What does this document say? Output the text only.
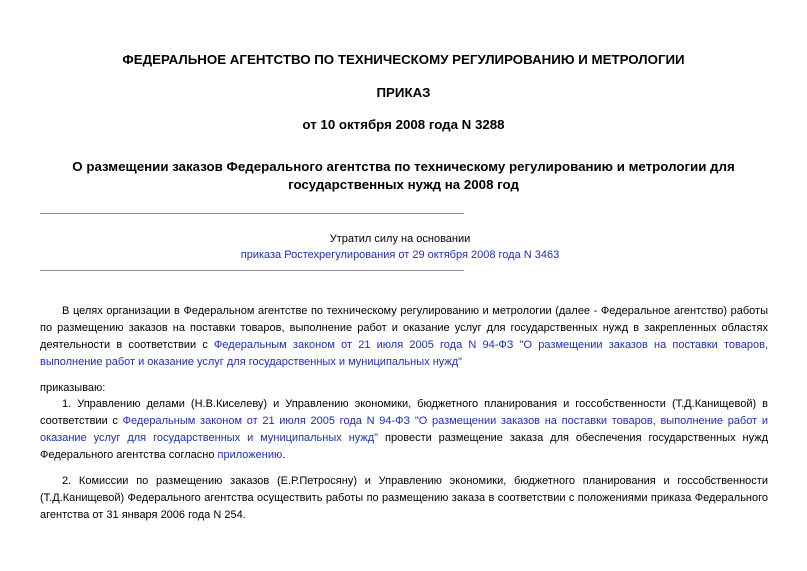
ФЕДЕРАЛЬНОЕ АГЕНТСТВО ПО ТЕХНИЧЕСКОМУ РЕГУЛИРОВАНИЮ И МЕТРОЛОГИИ

ПРИКАЗ

от 10 октября 2008 года N 3288

О размещении заказов Федерального агентства по техническому регулированию и метрологии для государственных нужд на 2008 год

Утратил силу на основании

приказа Ростехрегулирования от 29 октября 2008 года N 3463

В целях организации в Федеральном агентстве по техническому регулированию и метрологии (далее - Федеральное агентство) работы по размещению заказов на поставки товаров, выполнение работ и оказание услуг для государственных нужд в закрепленных областях деятельности в соответствии с Федеральным законом от 21 июля 2005 года N 94-ФЗ "О размещении заказов на поставки товаров, выполнение работ и оказание услуг для государственных и муниципальных нужд"

приказываю:

1. Управлению делами (Н.В.Киселеву) и Управлению экономики, бюджетного планирования и госсобственности (Т.Д.Канищевой) в соответствии с Федеральным законом от 21 июля 2005 года N 94-ФЗ "О размещении заказов на поставки товаров, выполнение работ и оказание услуг для государственных и муниципальных нужд" провести размещение заказа для обеспечения государственных нужд Федерального агентства согласно приложению.

2. Комиссии по размещению заказов (Е.Р.Петросяну) и Управлению экономики, бюджетного планирования и госсобственности (Т.Д.Канищевой) Федерального агентства осуществить работы по размещению заказа в соответствии с положениями приказа Федерального агентства от 31 января 2006 года N 254.
